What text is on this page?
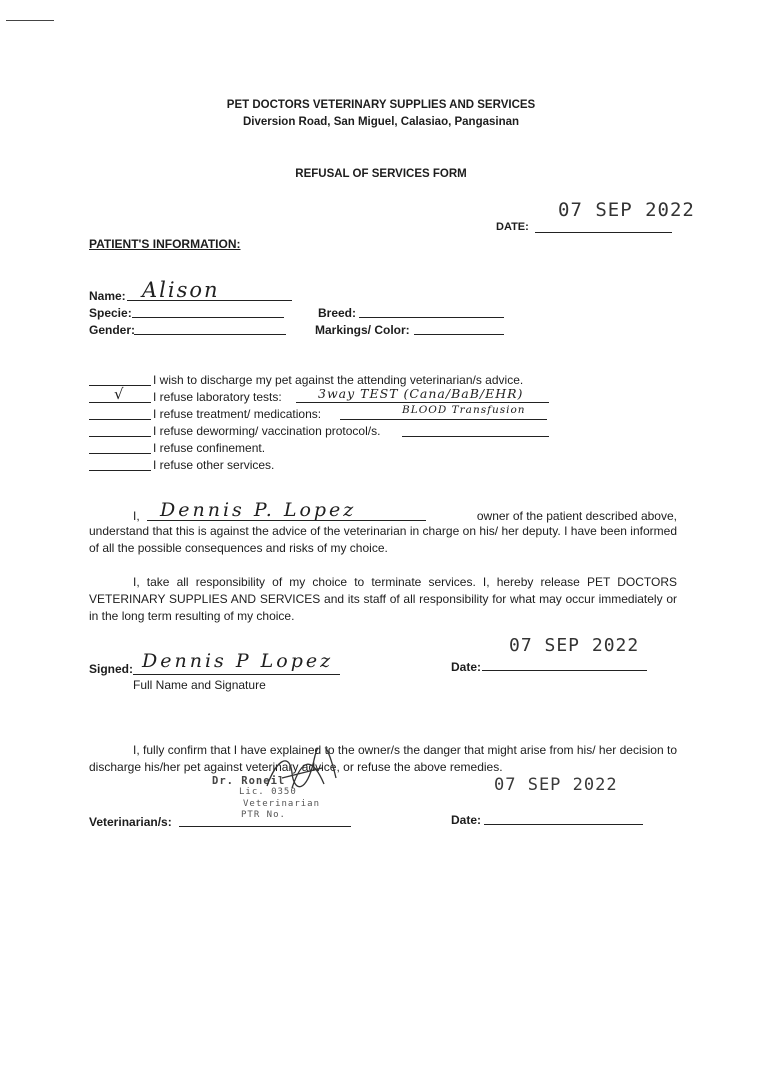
PET DOCTORS VETERINARY SUPPLIES AND SERVICES
Diversion Road, San Miguel, Calasiao, Pangasinan
REFUSAL OF SERVICES FORM
07 SEP 2022
DATE:
PATIENT'S INFORMATION:
Name: Alison
Specie:	Breed:
Gender:	Markings/ Color:
I wish to discharge my pet against the attending veterinarian/s advice.
√ I refuse laboratory tests:	3way TEST (Cana/BaB/EHR)
I refuse treatment/ medications:	BLOOD Transfusion
I refuse deworming/ vaccination protocol/s.
I refuse confinement.
I refuse other services.
I, Dennis P. Lopez	owner of the patient described above,
understand that this is against the advice of the veterinarian in charge on his/ her deputy. I have been informed of all the possible consequences and risks of my choice.
I, take all responsibility of my choice to terminate services. I, hereby release PET DOCTORS VETERINARY SUPPLIES AND SERVICES and its staff of all responsibility for what may occur immediately or in the long term resulting of my choice.
07 SEP 2022
Signed: Dennis P Lopez
Full Name and Signature
Date:
I, fully confirm that I have explained to the owner/s the danger that might arise from his/ her decision to discharge his/her pet against veterinary advice, or refuse the above remedies.
Dr. Roneil
Lic. 0350
Veterinarian
PTR No.
07 SEP 2022
Veterinarian/s:	Date:
